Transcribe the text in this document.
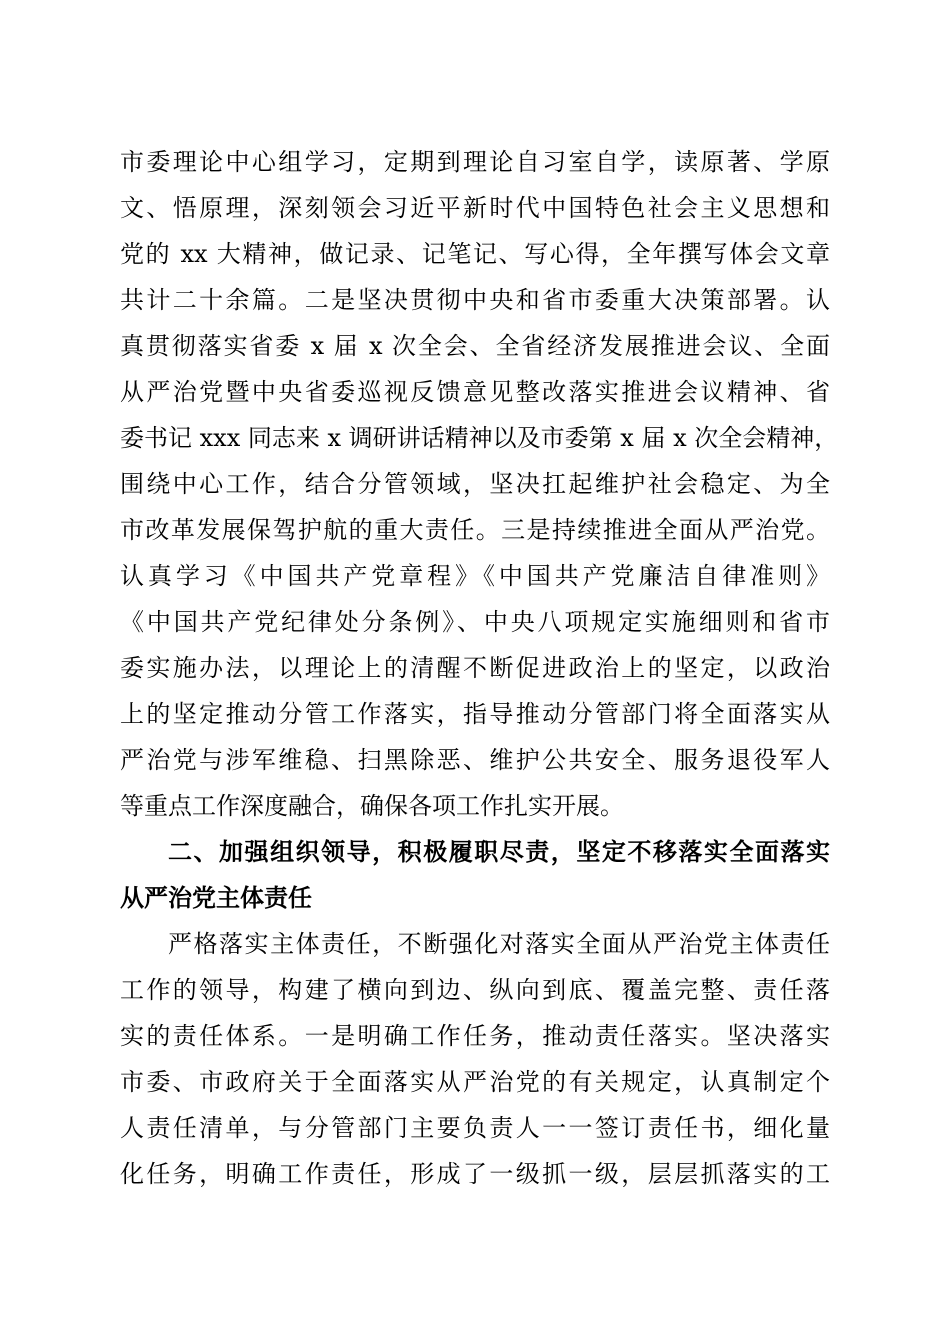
市委理论中心组学习，定期到理论自习室自学，读原著、学原
文、悟原理，深刻领会习近平新时代中国特色社会主义思想和
党的 xx 大精神，做记录、记笔记、写心得，全年撰写体会文章
共计二十余篇。二是坚决贯彻中央和省市委重大决策部署。认
真贯彻落实省委 x 届 x 次全会、全省经济发展推进会议、全面
从严治党暨中央省委巡视反馈意见整改落实推进会议精神、省
委书记 xxx 同志来 x 调研讲话精神以及市委第 x 届 x 次全会精神，
围绕中心工作，结合分管领域，坚决扛起维护社会稳定、为全
市改革发展保驾护航的重大责任。三是持续推进全面从严治党。
认真学习《中国共产党章程》《中国共产党廉洁自律准则》
《中国共产党纪律处分条例》、中央八项规定实施细则和省市
委实施办法，以理论上的清醒不断促进政治上的坚定，以政治
上的坚定推动分管工作落实，指导推动分管部门将全面落实从
严治党与涉军维稳、扫黑除恶、维护公共安全、服务退役军人
等重点工作深度融合，确保各项工作扎实开展。
二、加强组织领导，积极履职尽责，坚定不移落实全面落实
从严治党主体责任
严格落实主体责任，不断强化对落实全面从严治党主体责任
工作的领导，构建了横向到边、纵向到底、覆盖完整、责任落
实的责任体系。一是明确工作任务，推动责任落实。坚决落实
市委、市政府关于全面落实从严治党的有关规定，认真制定个
人责任清单，与分管部门主要负责人一一签订责任书，细化量
化任务，明确工作责任，形成了一级抓一级，层层抓落实的工
